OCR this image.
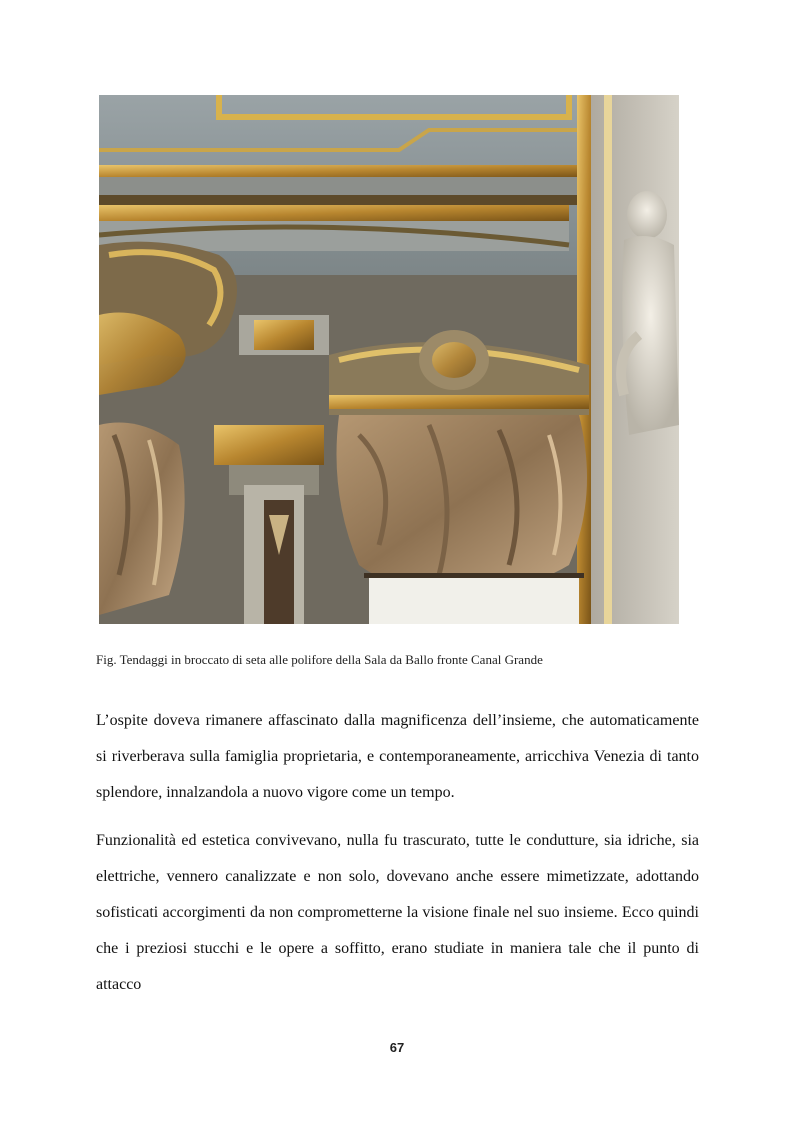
Fig. Tendaggi in broccato di seta alle polifore della Sala da Ballo fronte Canal Grande

L’ospite doveva rimanere affascinato dalla magnificenza dell’insieme, che automaticamente si riverberava sulla famiglia proprietaria, e contemporaneamente, arricchiva Venezia di tanto splendore, innalzandola a nuovo vigore come un tempo.

Funzionalità ed estetica convivevano, nulla fu trascurato, tutte le condutture, sia idriche, sia elettriche, vennero canalizzate e non solo, dovevano anche essere mimetizzate, adottando sofisticati accorgimenti da non comprometterne la visione finale nel suo insieme. Ecco quindi che i preziosi stucchi e le opere a soffitto, erano studiate in maniera tale che il punto di attacco

67
